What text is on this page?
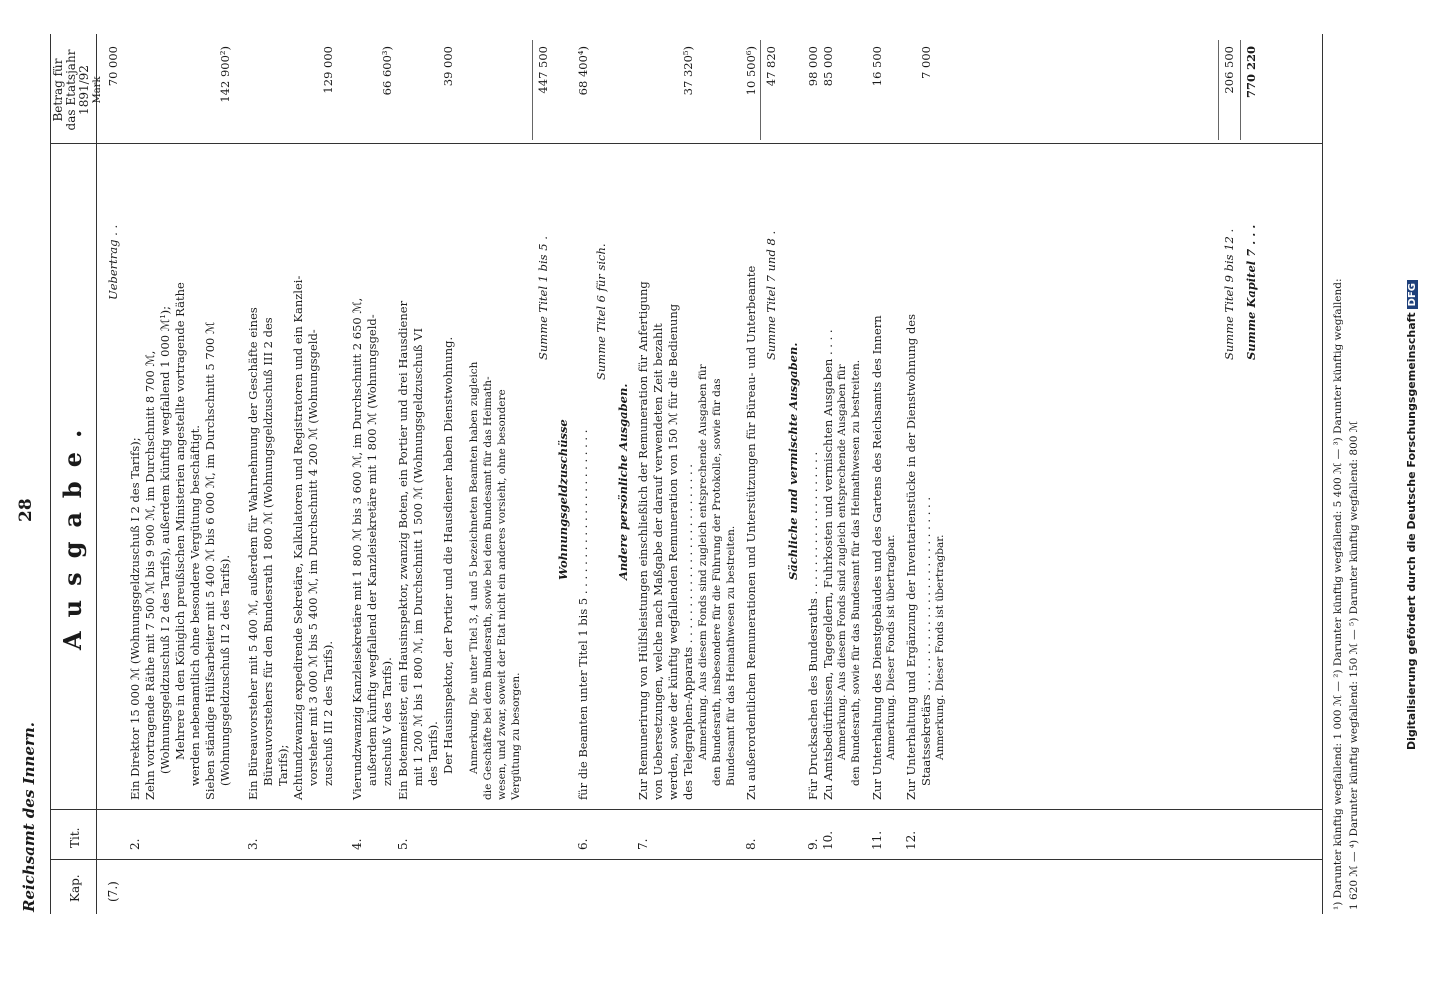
Reichsamt des Innern.
28
Kap.
Tit.
Ausgabe.
Betrag für das Etatsjahr 1891/92 Mark
(7.)
Uebertrag . .
70 000
2.
Ein Direktor 15 000 ℳ (Wohnungsgeldzuschuß I 2 des Tarifs); Zehn vortragende Räthe mit 7 500 ℳ bis 9 900 ℳ, im Durchschnitt 8 700 ℳ, (Wohnungsgeldzuschuß I 2 des Tarifs), außerdem künftig wegfallend 1 000 ℳ¹); Mehrere in den Königlich preußischen Ministerien angestellte vortragende Räthe werden nebenamtlich ohne besondere Vergütung beschäftigt. Sieben ständige Hülfsarbeiter mit 5 400 ℳ bis 6 000 ℳ, im Durchschnitt 5 700 ℳ (Wohnungsgeldzuschuß II 2 des Tarifs).
142 900²)
3.
Ein Büreauvorsteher mit 5 400 ℳ, außerdem für Wahrnehmung der Geschäfte eines Büreauvorstehers für den Bundesrath 1 800 ℳ (Wohnungsgeldzuschuß III 2 des Tarifs); Achtundzwanzig expedirende Sekretäre, Kalkulatoren und Registratoren und ein Kanzlei- vorsteher mit 3 000 ℳ bis 5 400 ℳ, im Durchschnitt 4 200 ℳ (Wohnungsgeld- zuschuß III 2 des Tarifs).
129 000
4.
Vierundzwanzig Kanzleisekretäre mit 1 800 ℳ bis 3 600 ℳ, im Durchschnitt 2 650 ℳ, außerdem künftig wegfallend der Kanzleisekretäre mit 1 800 ℳ (Wohnungsgeld- zuschuß V des Tarifs).
66 600³)
5.
Ein Botenmeister, ein Hausinspektor, zwanzig Boten, ein Portier und drei Hausdiener mit 1 200 ℳ bis 1 800 ℳ, im Durchschnitt 1 500 ℳ (Wohnungsgeldzuschuß VI des Tarifs). Der Hausinspektor, der Portier und die Hausdiener haben Dienstwohnung.
39 000
Anmerkung. Die unter Titel 3, 4 und 5 bezeichneten Beamten haben zugleich die Geschäfte bei dem Bundesrath, sowie bei dem Bundesamt für das Heimath- wesen, und zwar, soweit der Etat nicht ein anderes vorsieht, ohne besondere Vergütung zu besorgen.
Summe Titel 1 bis 5 .
447 500
Wohnungsgeldzuschüsse
6.
für die Beamten unter Titel 1 bis 5 . . . . . . . . . . . . . . . . . . . . . . .
68 400⁴)
Summe Titel 6 für sich.
Andere persönliche Ausgaben.
7.
Zur Remunerirung von Hülfsleistungen einschließlich der Remuneration für Anfertigung von Uebersetzungen, welche nach Maßgabe der darauf verwendeten Zeit bezahlt werden, sowie der künftig wegfallenden Remuneration von 150 ℳ für die Bedienung des Telegraphen-Apparats . . . . . . . . . . . . . . . . . . . . . . . . .
37 320⁵)
Anmerkung. Aus diesem Fonds sind zugleich entsprechende Ausgaben für den Bundesrath, insbesondere für die Führung der Protokolle, sowie für das Bundesamt für das Heimathwesen zu bestreiten.
8.
Zu außerordentlichen Remunerationen und Unterstützungen für Büreau- und Unterbeamte
10 500⁶)
Summe Titel 7 und 8 .
47 820
Sächliche und vermischte Ausgaben.
9.
Für Drucksachen des Bundesraths . . . . . . . . . . . . . . . . . . . .
98 000
10.
Zu Amtsbedürfnissen, Tagegeldern, Fuhrkosten und vermischten Ausgaben . . . .
85 000
Anmerkung. Aus diesem Fonds sind zugleich entsprechende Ausgaben für den Bundesrath, sowie für das Bundesamt für das Heimathwesen zu bestreiten.
11.
Zur Unterhaltung des Dienstgebäudes und des Gartens des Reichsamts des Innern
16 500
Anmerkung. Dieser Fonds ist übertragbar.
12.
Zur Unterhaltung und Ergänzung der Inventarienstücke in der Dienstwohnung des Staatssekretärs . . . . . . . . . . . . . . . . . . . . . . . . . . .
7 000
Anmerkung. Dieser Fonds ist übertragbar.
Summe Titel 9 bis 12 .
206 500
Summe Kapitel 7 . . .
770 220
¹) Darunter künftig wegfallend: 1 000 ℳ — ²) Darunter künftig wegfallend: 5 400 ℳ — ³) Darunter künftig wegfallend: 1 620 ℳ — ⁴) Darunter künftig wegfallend: 150 ℳ — ⁵) Darunter künftig wegfallend: 800 ℳ	Digitalisierung gefördert durch die Deutsche ForschungsgemeinschaftDFG
